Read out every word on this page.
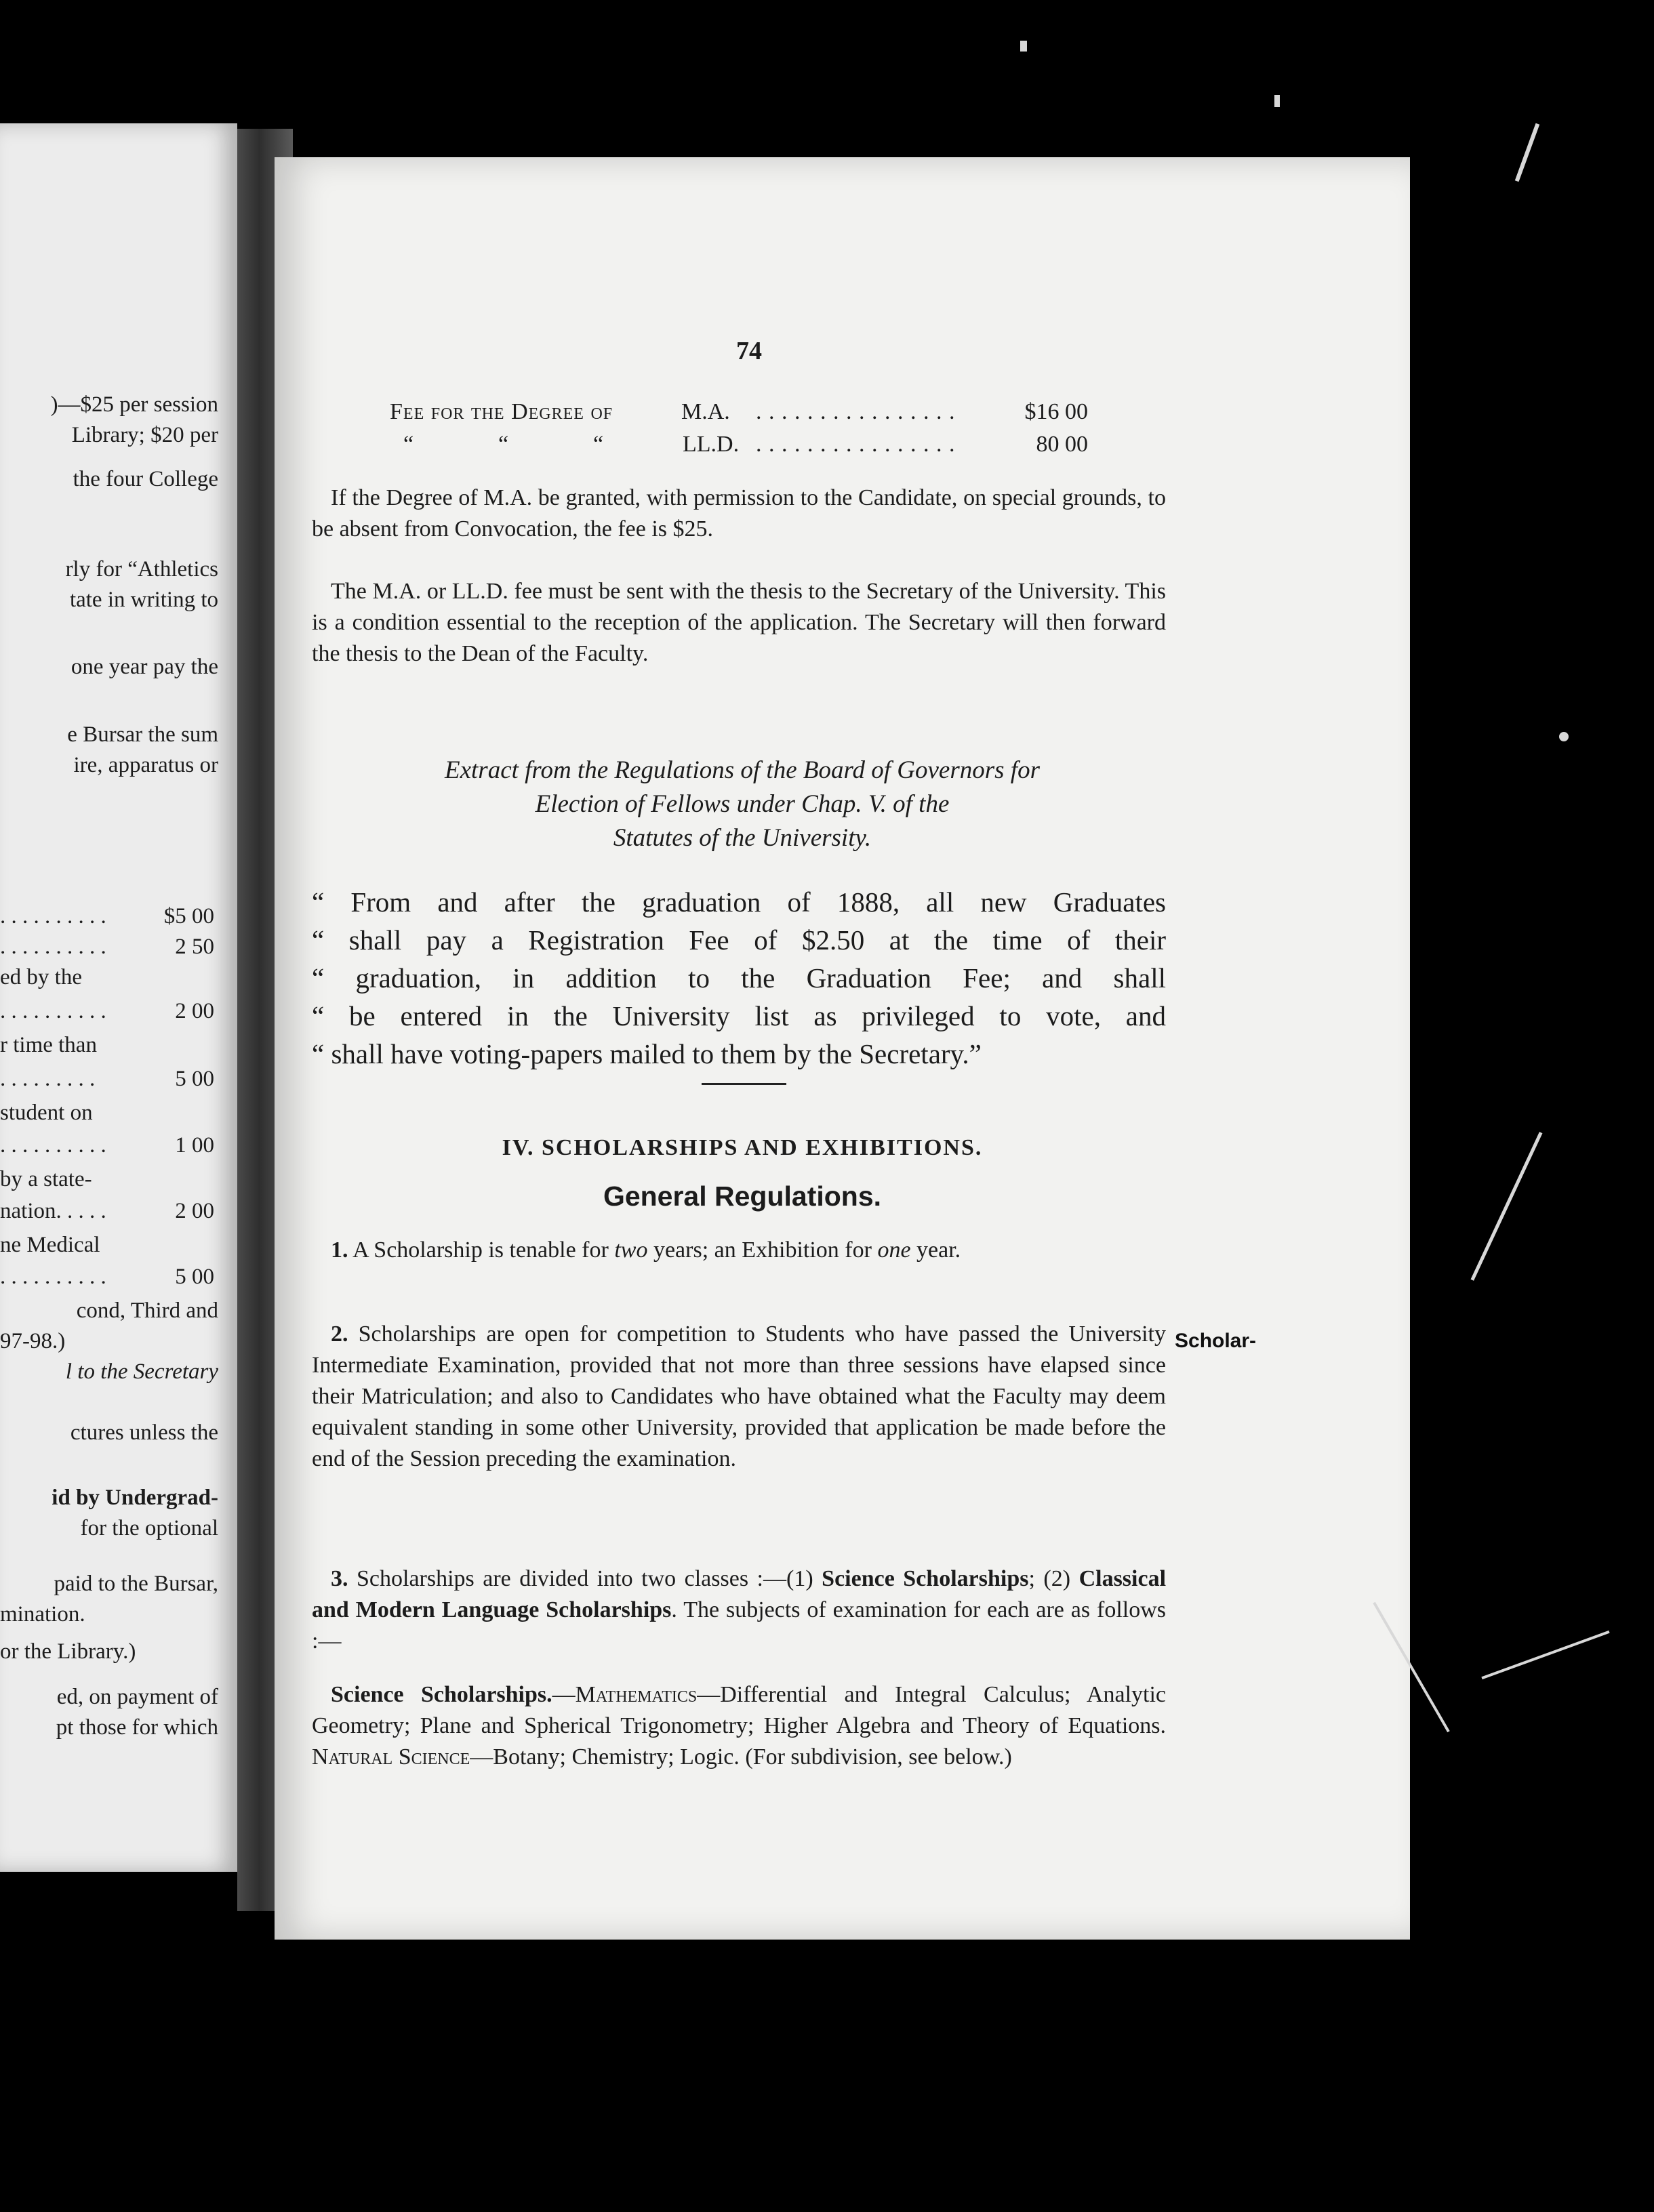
)—$25 per session
Library; $20 per
the four College
rly for “Athletics
tate in writing to
one year pay the
e Bursar the sum
ire, apparatus or
. . . . . . . . . .	$5 00
. . . . . . . . . .	2 50
ed by the
. . . . . . . . . .	2 00
r time than
. . . . . . . . .	5 00
student on
. . . . . . . . . .	1 00
by a state-
nation. . . . .	2 00
ne Medical
. . . . . . . . . .	5 00
cond, Third and
97-98.)
l to the Secretary
ctures unless the
id by Undergrad-
for the optional
paid to the Bursar,
mination.
or the Library.)
ed, on payment of
pt those for which
74
Fee for the Degree of	M.A. . . . . . . . . . . . . . . . .	$16 00
“	“	“	LL.D. . . . . . . . . . . . . . . . .	80 00
If the Degree of M.A. be granted, with permission to the Candidate, on special grounds, to be absent from Convocation, the fee is $25.
The M.A. or LL.D. fee must be sent with the thesis to the Secretary of the University. This is a condition essential to the reception of the application. The Secretary will then forward the thesis to the Dean of the Faculty.
Extract from the Regulations of the Board of Governors for
Election of Fellows under Chap. V. of the
Statutes of the University.
“ From and after the graduation of 1888, all new Graduates
“ shall pay a Registration Fee of $2.50 at the time of their
“ graduation, in addition to the Graduation Fee; and shall
“ be entered in the University list as privileged to vote, and
“ shall have voting-papers mailed to them by the Secretary.”
IV. SCHOLARSHIPS AND EXHIBITIONS.
General Regulations.
1. A Scholarship is tenable for two years; an Exhibition for one year.
2. Scholarships are open for competition to Students who have passed the University Intermediate Examination, provided that not more than three sessions have elapsed since their Matriculation; and also to Candidates who have obtained what the Faculty may deem equivalent standing in some other University, provided that application be made before the end of the Session preceding the examination.
3. Scholarships are divided into two classes :—(1) Science Scholarships; (2) Classical and Modern Language Scholarships. The subjects of examination for each are as follows :—
Science Scholarships.—Mathematics—Differential and Integral Calculus; Analytic Geometry; Plane and Spherical Trigonometry; Higher Algebra and Theory of Equations. Natural Science—Botany; Chemistry; Logic. (For subdivision, see below.)
Scholar-
